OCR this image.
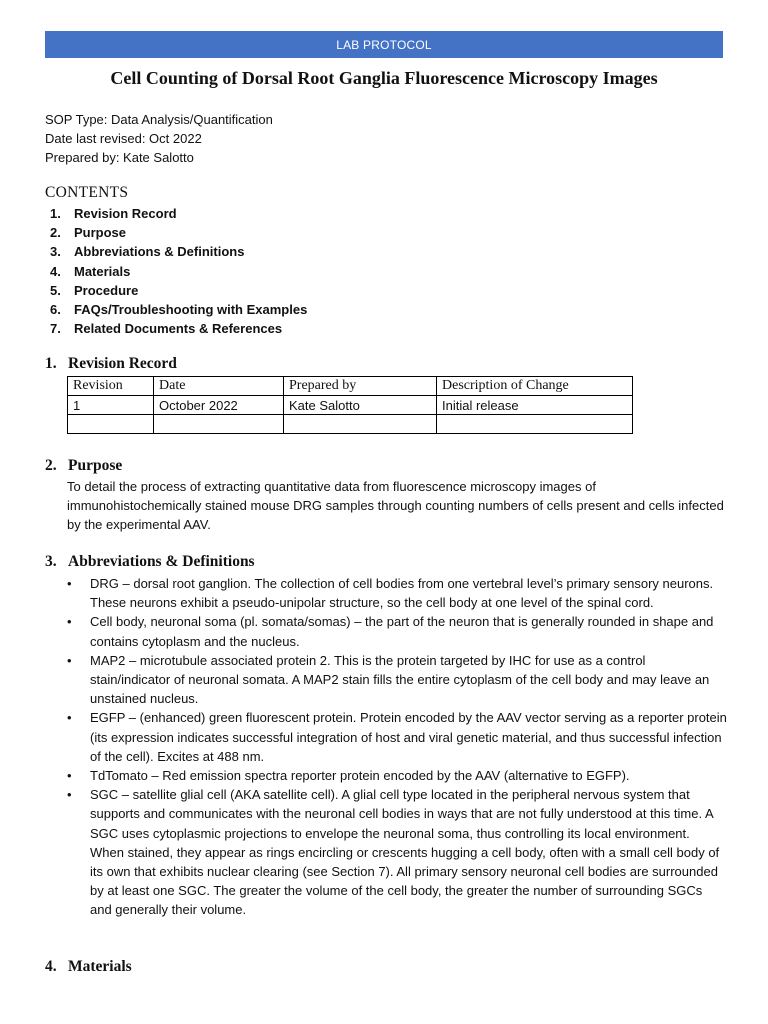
LAB PROTOCOL
Cell Counting of Dorsal Root Ganglia Fluorescence Microscopy Images
SOP Type: Data Analysis/Quantification
Date last revised: Oct 2022
Prepared by: Kate Salotto
CONTENTS
1.	Revision Record
2.	Purpose
3.	Abbreviations & Definitions
4.	Materials
5.	Procedure
6.	FAQs/Troubleshooting with Examples
7.	Related Documents & References
1. Revision Record
Revision	Date	Prepared by	Description of Change
1	October 2022	Kate Salotto	Initial release

2. Purpose

To detail the process of extracting quantitative data from fluorescence microscopy images of immunohistochemically stained mouse DRG samples through counting numbers of cells present and cells infected by the experimental AAV.

3. Abbreviations & Definitions
• DRG – dorsal root ganglion. The collection of cell bodies from one vertebral level’s primary sensory neurons. These neurons exhibit a pseudo-unipolar structure, so the cell body at one level of the spinal cord.
• Cell body, neuronal soma (pl. somata/somas) – the part of the neuron that is generally rounded in shape and contains cytoplasm and the nucleus.
• MAP2 – microtubule associated protein 2. This is the protein targeted by IHC for use as a control stain/indicator of neuronal somata. A MAP2 stain fills the entire cytoplasm of the cell body and may leave an unstained nucleus.
• EGFP – (enhanced) green fluorescent protein. Protein encoded by the AAV vector serving as a reporter protein (its expression indicates successful integration of host and viral genetic material, and thus successful infection of the cell). Excites at 488 nm.
• TdTomato – Red emission spectra reporter protein encoded by the AAV (alternative to EGFP).
• SGC – satellite glial cell (AKA satellite cell). A glial cell type located in the peripheral nervous system that supports and communicates with the neuronal cell bodies in ways that are not fully understood at this time. A SGC uses cytoplasmic projections to envelope the neuronal soma, thus controlling its local environment. When stained, they appear as rings encircling or crescents hugging a cell body, often with a small cell body of its own that exhibits nuclear clearing (see Section 7). All primary sensory neuronal cell bodies are surrounded by at least one SGC. The greater the volume of the cell body, the greater the number of surrounding SGCs and generally their volume.
4. Materials
